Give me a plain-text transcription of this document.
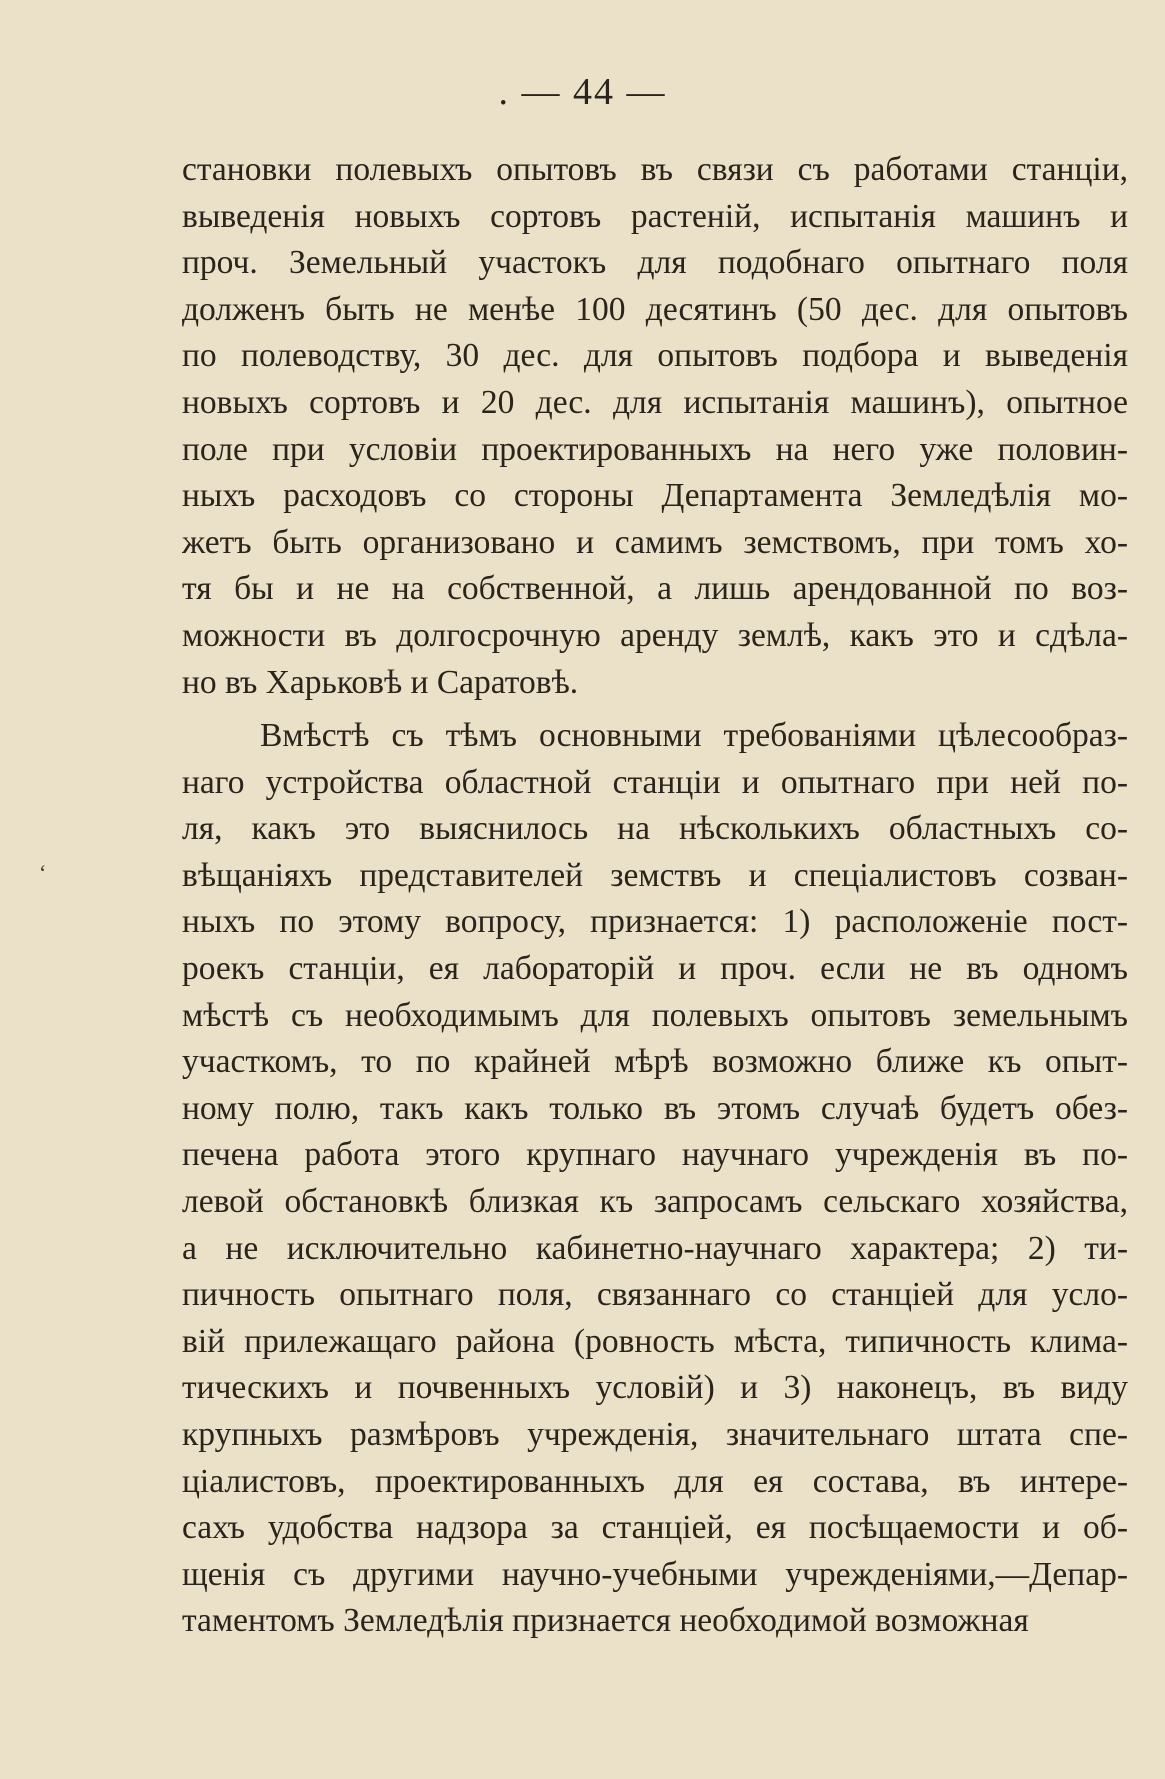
. — 44 —
ʻ
становки полевыхъ опытовъ въ связи съ работами станціи,
выведенія новыхъ сортовъ растеній, испытанія машинъ и
проч. Земельный участокъ для подобнаго опытнаго поля
долженъ быть не менѣе 100 десятинъ (50 дес. для опытовъ
по полеводству, 30 дес. для опытовъ подбора и выведенія
новыхъ сортовъ и 20 дес. для испытанія машинъ), опытное
поле при условіи проектированныхъ на него уже половин-
ныхъ расходовъ со стороны Департамента Земледѣлія мо-
жетъ быть организовано и самимъ земствомъ, при томъ хо-
тя бы и не на собственной, а лишь арендованной по воз-
можности въ долгосрочную аренду землѣ, какъ это и сдѣла-
но въ Харьковѣ и Саратовѣ.
Вмѣстѣ съ тѣмъ основными требованіями цѣлесообраз-
наго устройства областной станціи и опытнаго при ней по-
ля, какъ это выяснилось на нѣсколькихъ областныхъ со-
вѣщаніяхъ представителей земствъ и спеціалистовъ созван-
ныхъ по этому вопросу, признается: 1) расположеніе пост-
роекъ станціи, ея лабораторій и проч. если не въ одномъ
мѣстѣ съ необходимымъ для полевыхъ опытовъ земельнымъ
участкомъ, то по крайней мѣрѣ возможно ближе къ опыт-
ному полю, такъ какъ только въ этомъ случаѣ будетъ обез-
печена работа этого крупнаго научнаго учрежденія въ по-
левой обстановкѣ близкая къ запросамъ сельскаго хозяйства,
а не исключительно кабинетно-научнаго характера; 2) ти-
пичность опытнаго поля, связаннаго со станціей для усло-
вій прилежащаго района (ровность мѣста, типичность клима-
тическихъ и почвенныхъ условій) и 3) наконецъ, въ виду
крупныхъ размѣровъ учрежденія, значительнаго штата спе-
ціалистовъ, проектированныхъ для ея состава, въ интере-
сахъ удобства надзора за станціей, ея посѣщаемости и об-
щенія съ другими научно-учебными учрежденіями,—Депар-
таментомъ Земледѣлія признается необходимой возможная
